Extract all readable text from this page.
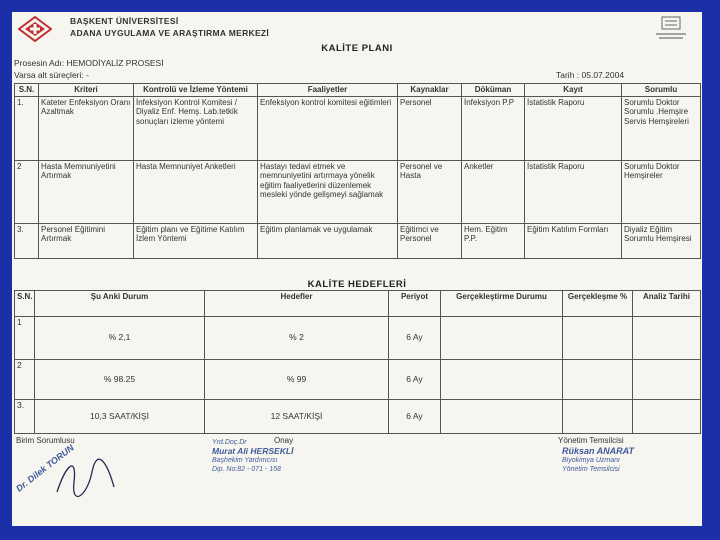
BAŞKENT ÜNİVERSİTESİ
ADANA UYGULAMA VE ARAŞTIRMA MERKEZİ
KALİTE PLANI
Prosesin Adı: HEMODİYALİZ PROSESİ
Varsa alt süreçleri: -	Tarih : 05.07.2004
S.N.	Kriteri	Kontrolü ve İzleme Yöntemi	Faaliyetler	Kaynaklar	Döküman	Kayıt	Sorumlu
1.	Kateter Enfeksiyon Oranı Azaltmak	İnfeksiyon Kontrol Komitesi / Diyaliz Enf. Hemş. Lab.tetkik sonuçları izleme yöntemi	Enfeksiyon kontrol komitesi eğitimleri	Personel	İnfeksiyon P.P	İstatistik Raporu	Sorumlu Doktor Sorumlu .Hemşire Servis Hemşireleri
2	Hasta Memnuniyetini Artırmak	Hasta Memnuniyet Anketleri	Hastayı tedavi etmek ve memnuniyetini artırmaya yönelik eğitim faaliyetlerini düzenlemek mesleki yönde gelişmeyi sağlamak	Personel ve Hasta	Anketler	İstatistik Raporu	Sorumlu Doktor Hemşireler
3.	Personel Eğitimini Artırmak	Eğitim planı ve Eğitime Katılım İzlem Yöntemi	Eğitim planlamak ve uygulamak	Eğitimci ve Personel	Hem. Eğitim P.P.	Eğitim Katılım Formları	Diyaliz Eğitim Sorumlu Hemşiresi
KALİTE HEDEFLERİ
S.N.	Şu Anki Durum	Hedefler	Periyot	Gerçekleştirme Durumu	Gerçekleşme %	Analiz Tarihi
1	% 2,1	% 2	6 Ay			
2	% 98.25	% 99	6 Ay			
3.	10,3 SAAT/KİŞİ	12 SAAT/KİŞİ	6 Ay			
Birim Sorumlusu
Dr. Dilek TORUN
Onay
Yrd.Doç.Dr
Murat Ali HERSEKLİ
Başhekim Yardımcısı
Dip. No:82 - 071 - 158
Yönetim Temsilcisi
Rüksan ANARAT
Biyokimya Uzmanı
Yönetim Temsilcisi
